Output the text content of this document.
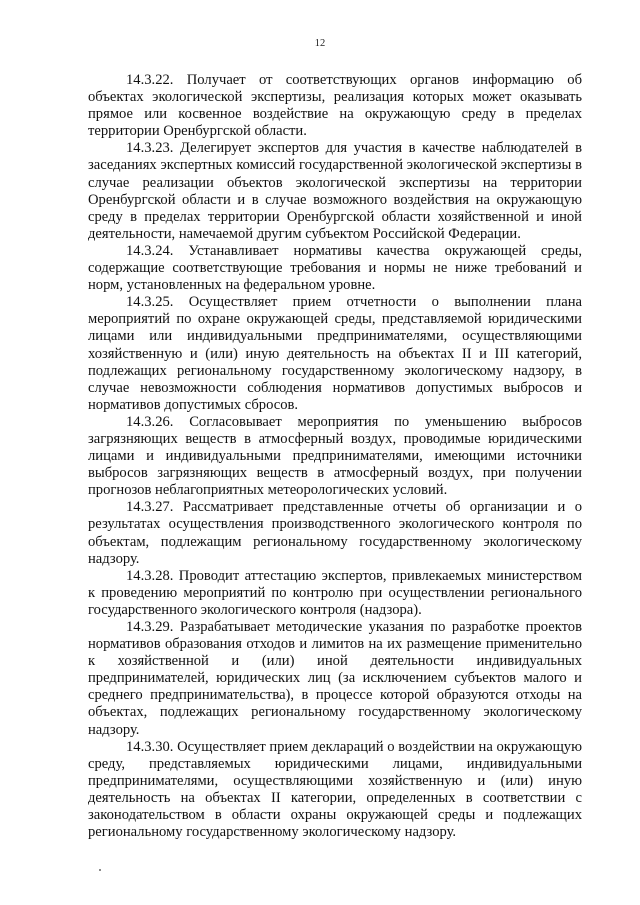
12

14.3.22. Получает от соответствующих органов информацию об объектах экологической экспертизы, реализация которых может оказывать прямое или косвенное воздействие на окружающую среду в пределах территории Оренбургской области.

14.3.23. Делегирует экспертов для участия в качестве наблюдателей в заседаниях экспертных комиссий государственной экологической экспертизы в случае реализации объектов экологической экспертизы на территории Оренбургской области и в случае возможного воздействия на окружающую среду в пределах территории Оренбургской области хозяйственной и иной деятельности, намечаемой другим субъектом Российской Федерации.

14.3.24. Устанавливает нормативы качества окружающей среды, содержащие соответствующие требования и нормы не ниже требований и норм, установленных на федеральном уровне.

14.3.25. Осуществляет прием отчетности о выполнении плана мероприятий по охране окружающей среды, представляемой юридическими лицами или индивидуальными предпринимателями, осуществляющими хозяйственную и (или) иную деятельность на объектах II и III категорий, подлежащих региональному государственному экологическому надзору, в случае невозможности соблюдения нормативов допустимых выбросов и нормативов допустимых сбросов.

14.3.26. Согласовывает мероприятия по уменьшению выбросов загрязняющих веществ в атмосферный воздух, проводимые юридическими лицами и индивидуальными предпринимателями, имеющими источники выбросов загрязняющих веществ в атмосферный воздух, при получении прогнозов неблагоприятных метеорологических условий.

14.3.27. Рассматривает представленные отчеты об организации и о результатах осуществления производственного экологического контроля по объектам, подлежащим региональному государственному экологическому надзору.

14.3.28. Проводит аттестацию экспертов, привлекаемых министерством к проведению мероприятий по контролю при осуществлении регионального государственного экологического контроля (надзора).

14.3.29. Разрабатывает методические указания по разработке проектов нормативов образования отходов и лимитов на их размещение применительно к хозяйственной и (или) иной деятельности индивидуальных предпринимателей, юридических лиц (за исключением субъектов малого и среднего предпринимательства), в процессе которой образуются отходы на объектах, подлежащих региональному государственному экологическому надзору.

14.3.30. Осуществляет прием деклараций о воздействии на окружающую среду, представляемых юридическими лицами, индивидуальными предпринимателями, осуществляющими хозяйственную и (или) иную деятельность на объектах II категории, определенных в соответствии с законодательством в области охраны окружающей среды и подлежащих региональному государственному экологическому надзору.
